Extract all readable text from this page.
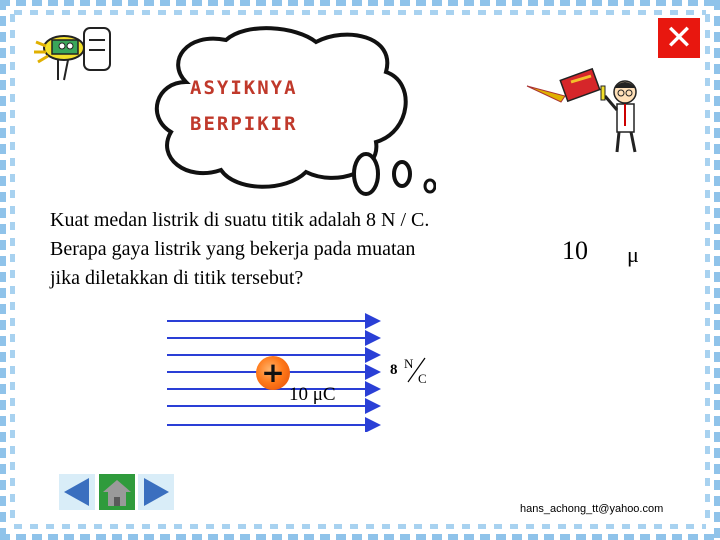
✕
ASYIKNYA
BERPIKIR
Kuat medan listrik di suatu titik adalah 8 N / C.
Berapa gaya listrik yang bekerja pada muatan
jika diletakkan di titik tersebut?
10 μ
+
10 μC
8 N
C
hans_achong_tt@yahoo.com
